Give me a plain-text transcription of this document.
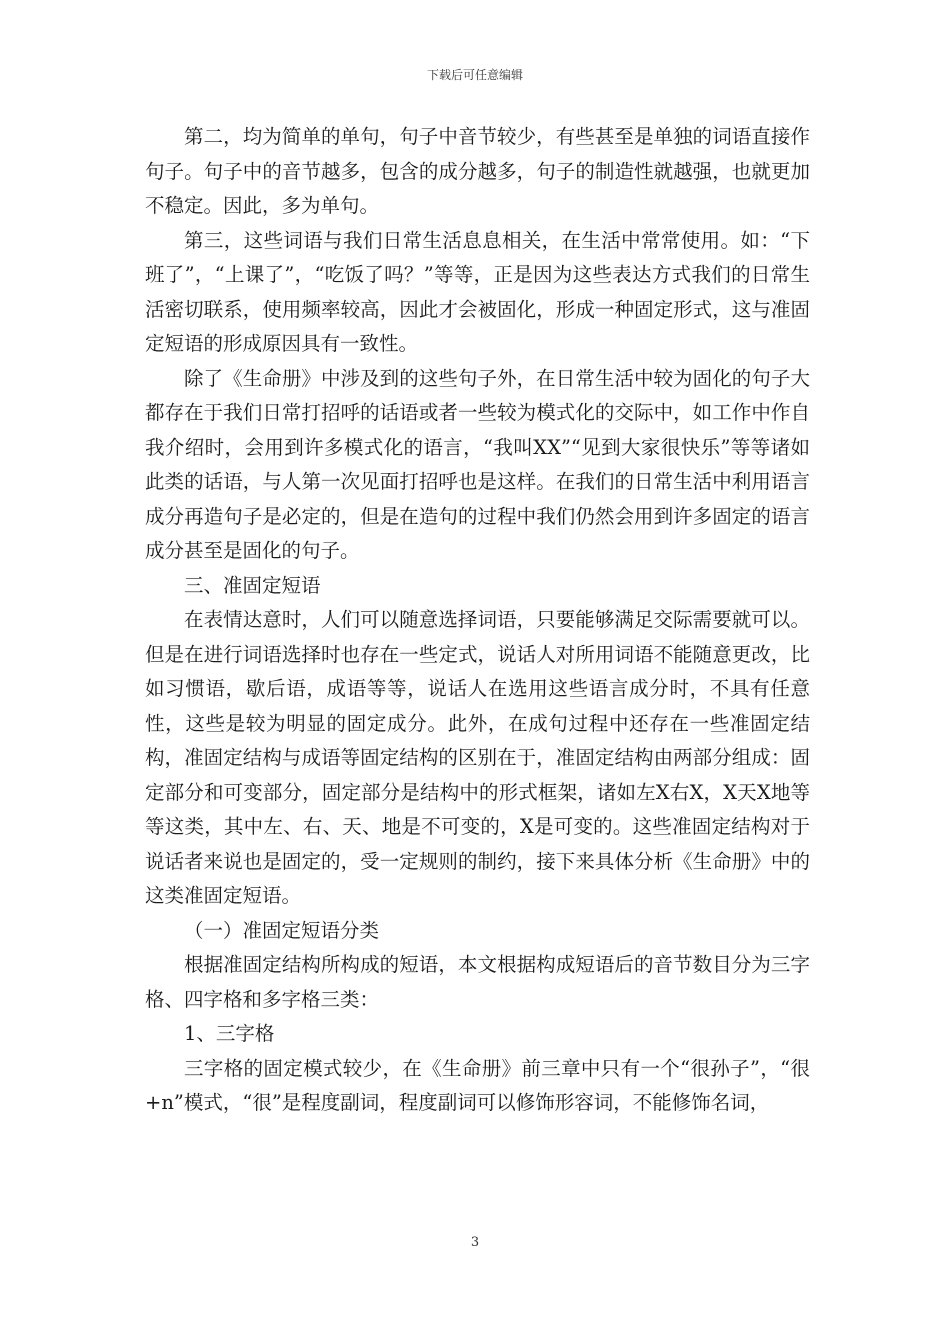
下载后可任意编辑

第二，均为简单的单句，句子中音节较少，有些甚至是单独的词语直接作句子。句子中的音节越多，包含的成分越多，句子的制造性就越强，也就更加不稳定。因此，多为单句。

第三，这些词语与我们日常生活息息相关，在生活中常常使用。如：“下班了”，“上课了”，“吃饭了吗？”等等，正是因为这些表达方式我们的日常生活密切联系，使用频率较高，因此才会被固化，形成一种固定形式，这与准固定短语的形成原因具有一致性。

除了《生命册》中涉及到的这些句子外，在日常生活中较为固化的句子大都存在于我们日常打招呼的话语或者一些较为模式化的交际中，如工作中作自我介绍时，会用到许多模式化的语言，“我叫XX”“见到大家很快乐”等等诸如此类的话语，与人第一次见面打招呼也是这样。在我们的日常生活中利用语言成分再造句子是必定的，但是在造句的过程中我们仍然会用到许多固定的语言成分甚至是固化的句子。

三、准固定短语

在表情达意时，人们可以随意选择词语，只要能够满足交际需要就可以。但是在进行词语选择时也存在一些定式，说话人对所用词语不能随意更改，比如习惯语，歇后语，成语等等，说话人在选用这些语言成分时，不具有任意性，这些是较为明显的固定成分。此外，在成句过程中还存在一些准固定结构，准固定结构与成语等固定结构的区别在于，准固定结构由两部分组成：固定部分和可变部分，固定部分是结构中的形式框架，诸如左X右X，X天X地等等这类，其中左、右、天、地是不可变的，X是可变的。这些准固定结构对于说话者来说也是固定的，受一定规则的制约，接下来具体分析《生命册》中的这类准固定短语。

（一）准固定短语分类

根据准固定结构所构成的短语，本文根据构成短语后的音节数目分为三字格、四字格和多字格三类：

1、三字格

三字格的固定模式较少，在《生命册》前三章中只有一个“很孙子”，“很+n”模式，“很”是程度副词，程度副词可以修饰形容词，不能修饰名词，

3
